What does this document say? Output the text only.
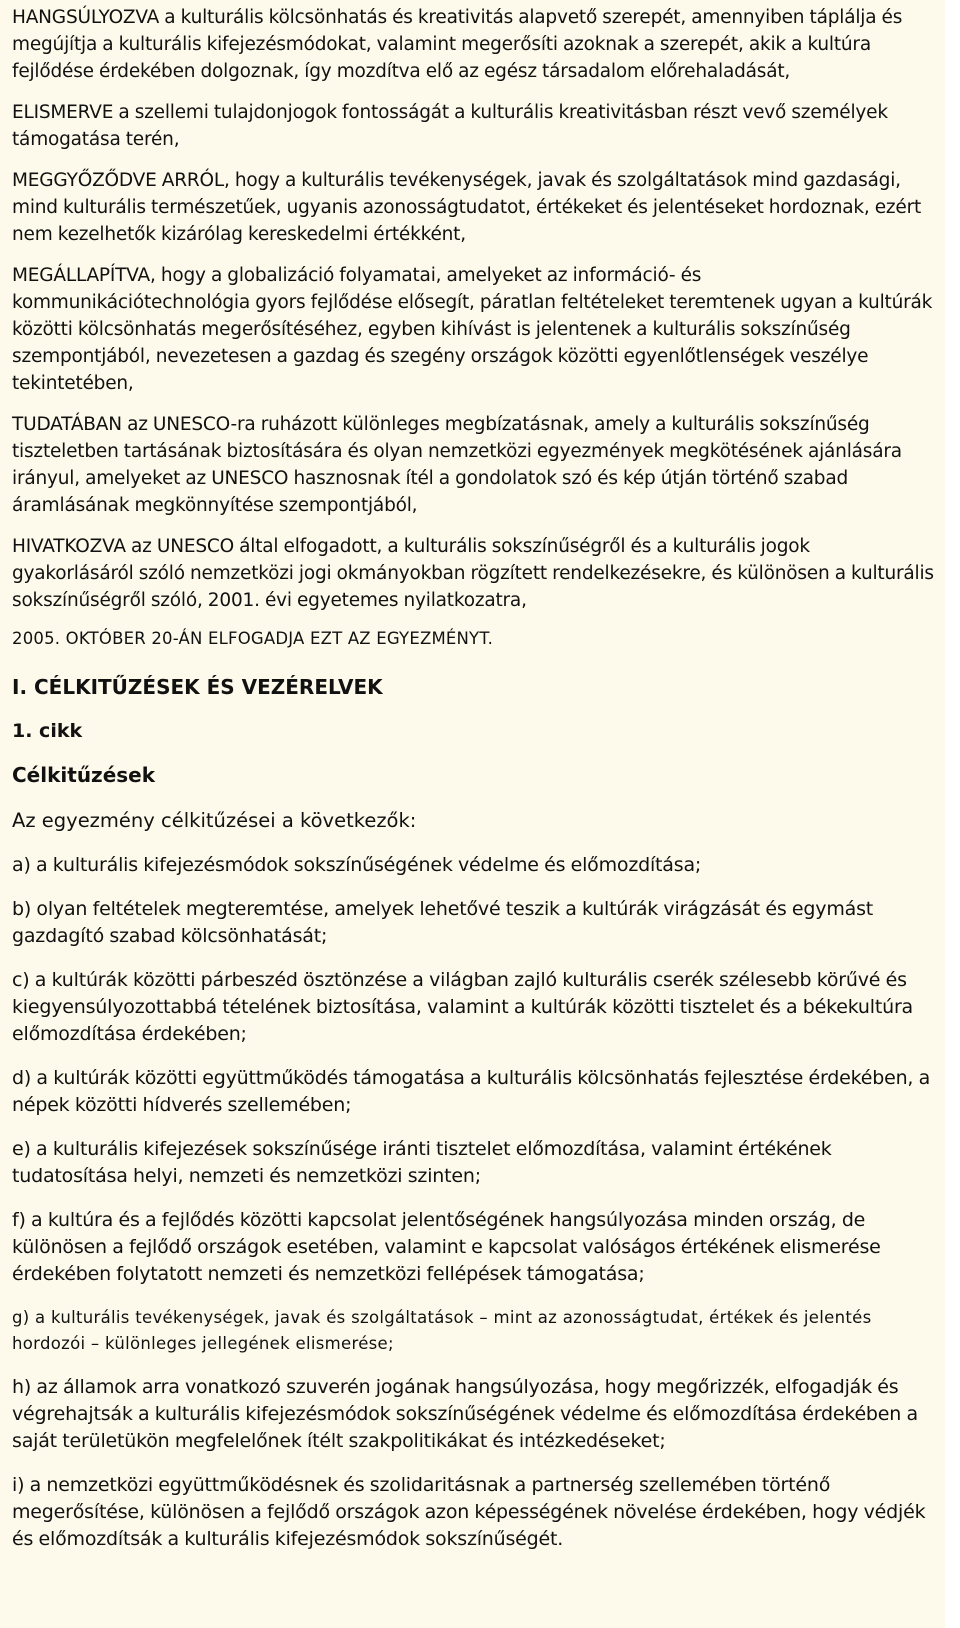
HANGSÚLYOZVA a kulturális kölcsönhatás és kreativitás alapvető szerepét, amennyiben táplálja és megújítja a kulturális kifejezésmódokat, valamint megerősíti azoknak a szerepét, akik a kultúra fejlődése érdekében dolgoznak, így mozdítva elő az egész társadalom előrehaladását,

ELISMERVE a szellemi tulajdonjogok fontosságát a kulturális kreativitásban részt vevő személyek támogatása terén,

MEGGYŐZŐDVE ARRÓL, hogy a kulturális tevékenységek, javak és szolgáltatások mind gazdasági, mind kulturális természetűek, ugyanis azonosságtudatot, értékeket és jelentéseket hordoznak, ezért nem kezelhetők kizárólag kereskedelmi értékként,

MEGÁLLAPÍTVA, hogy a globalizáció folyamatai, amelyeket az információ- és kommunikációtechnológia gyors fejlődése elősegít, páratlan feltételeket teremtenek ugyan a kultúrák közötti kölcsönhatás megerősítéséhez, egyben kihívást is jelentenek a kulturális sokszínűség szempontjából, nevezetesen a gazdag és szegény országok közötti egyenlőtlenségek veszélye tekintetében,

TUDATÁBAN az UNESCO-ra ruházott különleges megbízatásnak, amely a kulturális sokszínűség tiszteletben tartásának biztosítására és olyan nemzetközi egyezmények megkötésének ajánlására irányul, amelyeket az UNESCO hasznosnak ítél a gondolatok szó és kép útján történő szabad áramlásának megkönnyítése szempontjából,

HIVATKOZVA az UNESCO által elfogadott, a kulturális sokszínűségről és a kulturális jogok gyakorlásáról szóló nemzetközi jogi okmányokban rögzített rendelkezésekre, és különösen a kulturális sokszínűségről szóló, 2001. évi egyetemes nyilatkozatra,

2005. OKTÓBER 20-ÁN ELFOGADJA EZT AZ EGYEZMÉNYT.

I. CÉLKITŰZÉSEK ÉS VEZÉRELVEK
1. cikk
Célkitűzések

Az egyezmény célkitűzései a következők:

a) a kulturális kifejezésmódok sokszínűségének védelme és előmozdítása;

b) olyan feltételek megteremtése, amelyek lehetővé teszik a kultúrák virágzását és egymást gazdagító szabad kölcsönhatását;

c) a kultúrák közötti párbeszéd ösztönzése a világban zajló kulturális cserék szélesebb körűvé és kiegyensúlyozottabbá tételének biztosítása, valamint a kultúrák közötti tisztelet és a békekultúra előmozdítása érdekében;

d) a kultúrák közötti együttműködés támogatása a kulturális kölcsönhatás fejlesztése érdekében, a népek közötti hídverés szellemében;

e) a kulturális kifejezések sokszínűsége iránti tisztelet előmozdítása, valamint értékének tudatosítása helyi, nemzeti és nemzetközi szinten;

f) a kultúra és a fejlődés közötti kapcsolat jelentőségének hangsúlyozása minden ország, de különösen a fejlődő országok esetében, valamint e kapcsolat valóságos értékének elismerése érdekében folytatott nemzeti és nemzetközi fellépések támogatása;

g) a kulturális tevékenységek, javak és szolgáltatások – mint az azonosságtudat, értékek és jelentés hordozói – különleges jellegének elismerése;

h) az államok arra vonatkozó szuverén jogának hangsúlyozása, hogy megőrizzék, elfogadják és végrehajtsák a kulturális kifejezésmódok sokszínűségének védelme és előmozdítása érdekében a saját területükön megfelelőnek ítélt szakpolitikákat és intézkedéseket;

i) a nemzetközi együttműködésnek és szolidaritásnak a partnerség szellemében történő megerősítése, különösen a fejlődő országok azon képességének növelése érdekében, hogy védjék és előmozdítsák a kulturális kifejezésmódok sokszínűségét.
